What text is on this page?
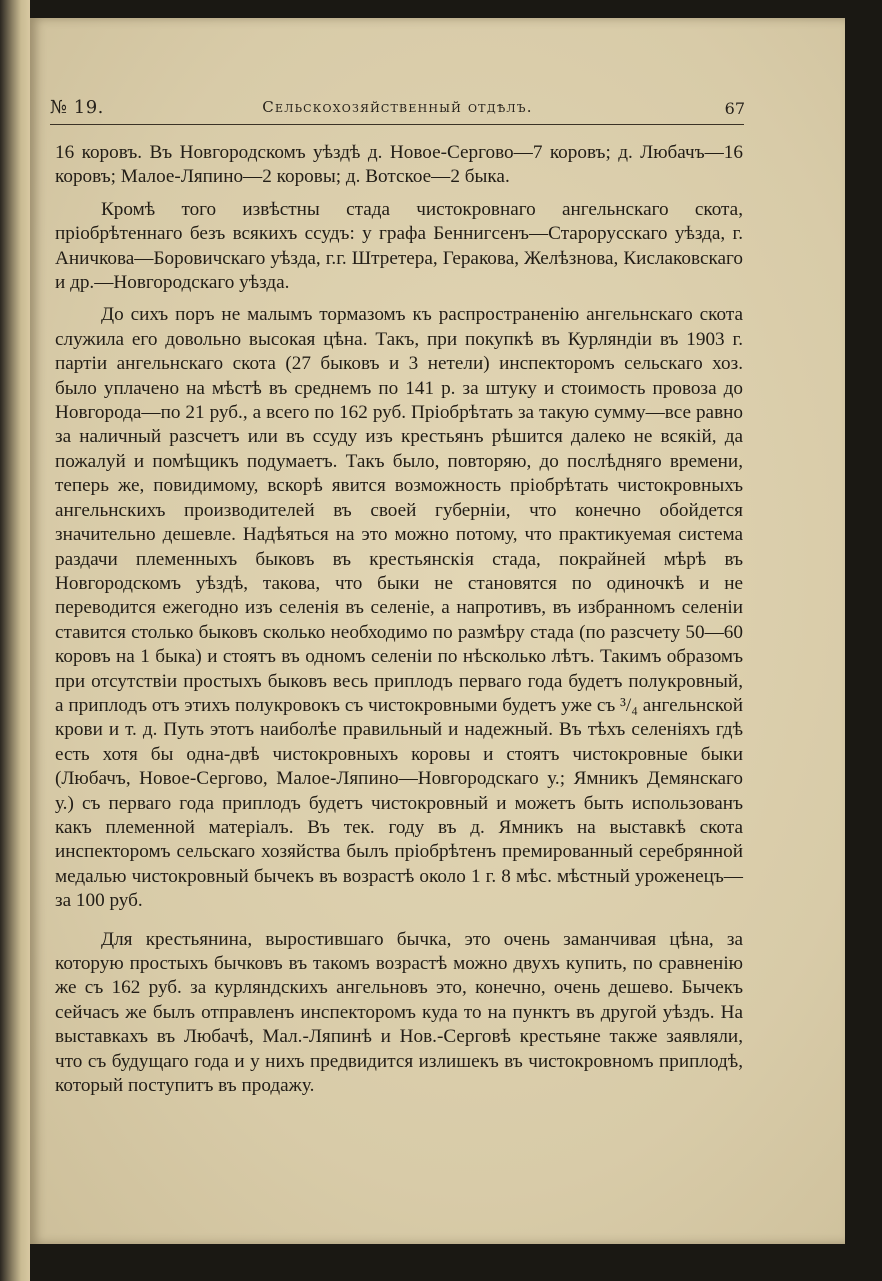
№ 19.	Сельскохозяйственный отдѣлъ.	67

16 коровъ. Въ Новгородскомъ уѣздѣ д. Новое-Сергово—7 коровъ; д. Любачъ—16 коровъ; Малое-Ляпино—2 коровы; д. Вотское—2 быка.

Кромѣ того извѣстны стада чистокровнаго ангельнскаго скота, пріобрѣтеннаго безъ всякихъ ссудъ: у графа Беннигсенъ—Старорусскаго уѣзда, г. Аничкова—Боровичскаго уѣзда, г.г. Штретера, Геракова, Желѣзнова, Кислаковскаго и др.—Новгородскаго уѣзда.

До сихъ поръ не малымъ тормазомъ къ распространенію ангельнскаго скота служила его довольно высокая цѣна. Такъ, при покупкѣ въ Курляндіи въ 1903 г. партіи ангельнскаго скота (27 быковъ и 3 нетели) инспекторомъ сельскаго хоз. было уплачено на мѣстѣ въ среднемъ по 141 р. за штуку и стоимость провоза до Новгорода—по 21 руб., а всего по 162 руб. Пріобрѣтать за такую сумму—все равно за наличный разсчетъ или въ ссуду изъ крестьянъ рѣшится далеко не всякій, да пожалуй и помѣщикъ подумаетъ. Такъ было, повторяю, до послѣдняго времени, теперь же, повидимому, вскорѣ явится возможность пріобрѣтать чистокровныхъ ангельнскихъ производителей въ своей губерніи, что конечно обойдется значительно дешевле. Надѣяться на это можно потому, что практикуемая система раздачи племенныхъ быковъ въ крестьянскія стада, покрайней мѣрѣ въ Новгородскомъ уѣздѣ, такова, что быки не становятся по одиночкѣ и не переводится ежегодно изъ селенія въ селеніе, а напротивъ, въ избранномъ селеніи ставится столько быковъ сколько необходимо по размѣру стада (по разсчету 50—60 коровъ на 1 быка) и стоятъ въ одномъ селеніи по нѣсколько лѣтъ. Такимъ образомъ при отсутствіи простыхъ быковъ весь приплодъ перваго года будетъ полукровный, а приплодъ отъ этихъ полукровокъ съ чистокровными будетъ уже съ ³/₄ ангельнской крови и т. д. Путь этотъ наиболѣе правильный и надежный. Въ тѣхъ селеніяхъ гдѣ есть хотя бы одна-двѣ чистокровныхъ коровы и стоятъ чистокровные быки (Любачъ, Новое-Сергово, Малое-Ляпино—Новгородскаго у.; Ямникъ Демянскаго у.) съ перваго года приплодъ будетъ чистокровный и можетъ быть использованъ какъ племенной матеріалъ. Въ тек. году въ д. Ямникъ на выставкѣ скота инспекторомъ сельскаго хозяйства былъ пріобрѣтенъ премированный серебрянной медалью чистокровный бычекъ въ возрастѣ около 1 г. 8 мѣс. мѣстный уроженецъ—за 100 руб.

Для крестьянина, выростившаго бычка, это очень заманчивая цѣна, за которую простыхъ бычковъ въ такомъ возрастѣ можно двухъ купить, по сравненію же съ 162 руб. за курляндскихъ ангельновъ это, конечно, очень дешево. Бычекъ сейчасъ же былъ отправленъ инспекторомъ куда то на пунктъ въ другой уѣздъ. На выставкахъ въ Любачѣ, Мал.-Ляпинѣ и Нов.-Серговѣ крестьяне также заявляли, что съ будущаго года и у нихъ предвидится излишекъ въ чистокровномъ приплодѣ, который поступитъ въ продажу.
